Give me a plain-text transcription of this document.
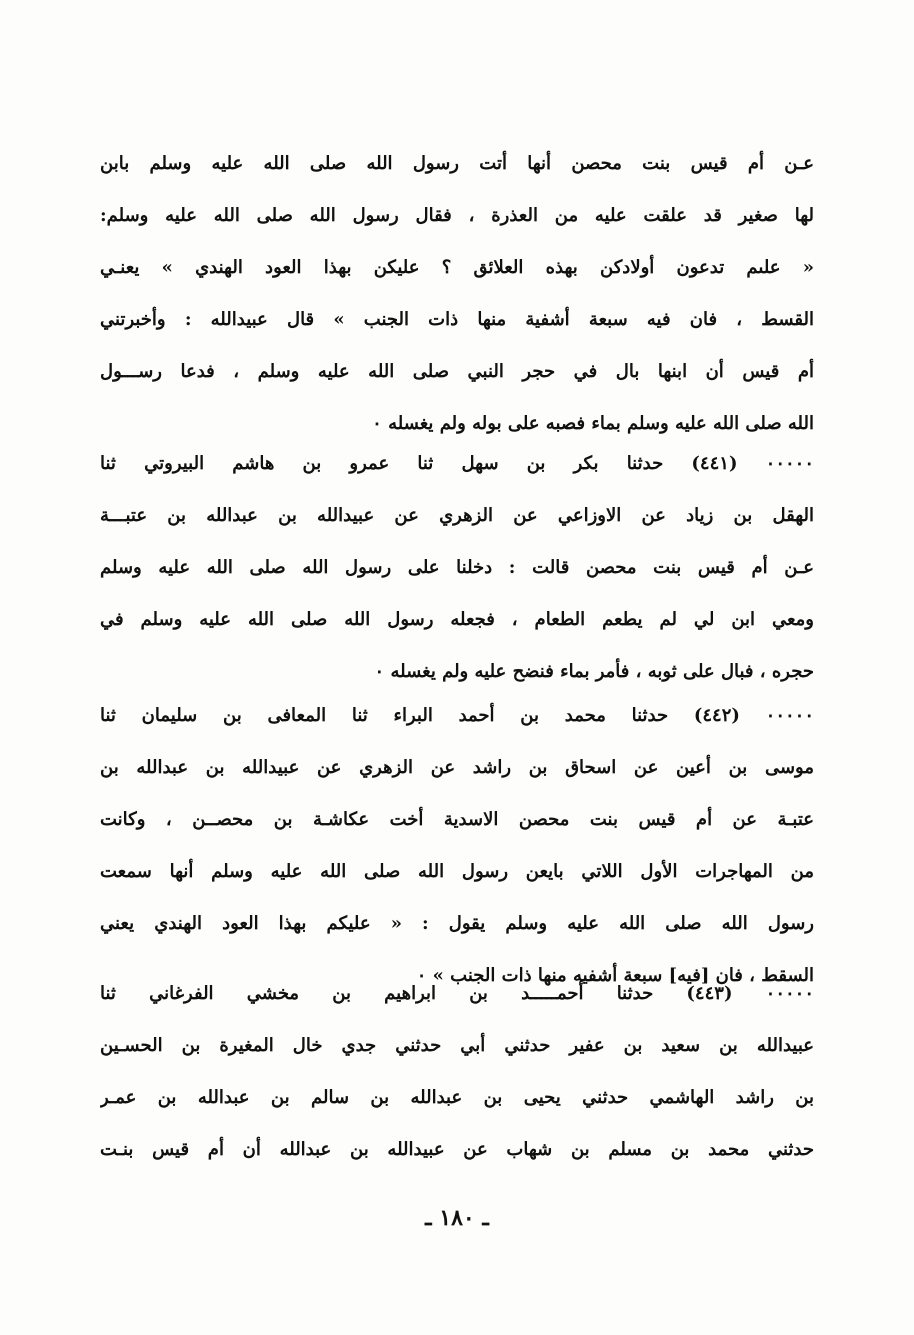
عـن أم قيس بنت محصن أنها أتت رسول الله صلى الله عليه وسلم بابن
لها صغير قد علقت عليه من العذرة ، فقال رسول الله صلى الله عليه وسلم:
« علىم تدعون أولادكن بهذه العلائق ؟ عليكن بهذا العود الهندي » يعنـي
القسط ، فان فيه سبعة أشفية منها ذات الجنب » قال عبيدالله : وأخبرتني
أم قيس أن ابنها بال في حجر النبي صلى الله عليه وسلم ، فدعا رســـول
الله صلى الله عليه وسلم بماء فصبه على بوله ولم يغسله ٠
٠٠٠٠٠ (٤٤١) حدثنا بكر بن سهل ثنا عمرو بن هاشم البيروتي ثنا
الهقل بن زياد عن الاوزاعي عن الزهري عن عبيدالله بن عبدالله بن عتبـــة
عـن أم قيس بنت محصن قالت : دخلنا على رسول الله صلى الله عليه وسلم
ومعي ابن لي لم يطعم الطعام ، فجعله رسول الله صلى الله عليه وسلم في
حجره ، فبال على ثوبه ، فأمر بماء فنضح عليه ولم يغسله ٠
٠٠٠٠٠ (٤٤٢) حدثنا محمد بن أحمد البراء ثنا المعافى بن سليمان ثنا
موسى بن أعين عن اسحاق بن راشد عن الزهري عن عبيدالله بن عبدالله بن
عتبـة عن أم قيس بنت محصن الاسدية أخت عكاشـة بن محصــن ، وكانت
من المهاجرات الأول اللاتي بايعن رسول الله صلى الله عليه وسلم أنها سمعت
رسول الله صلى الله عليه وسلم يقول : « عليكم بهذا العود الهندي يعني
السقط ، فان [فيه] سبعة أشفيه منها ذات الجنب » ٠
٠٠٠٠٠ (٤٤٣) حدثنا أحمـــــد بن ابراهيم بن مخشي الفرغاني ثنا
عبيدالله بن سعيد بن عفير حدثني أبي حدثني جدي خال المغيرة بن الحسـين
بن راشد الهاشمي حدثني يحيى بن عبدالله بن سالم بن عبدالله بن عمـر
حدثني محمد بن مسلم بن شهاب عن عبيدالله بن عبدالله أن أم قيس بنـت
ـ ١٨٠ ـ
